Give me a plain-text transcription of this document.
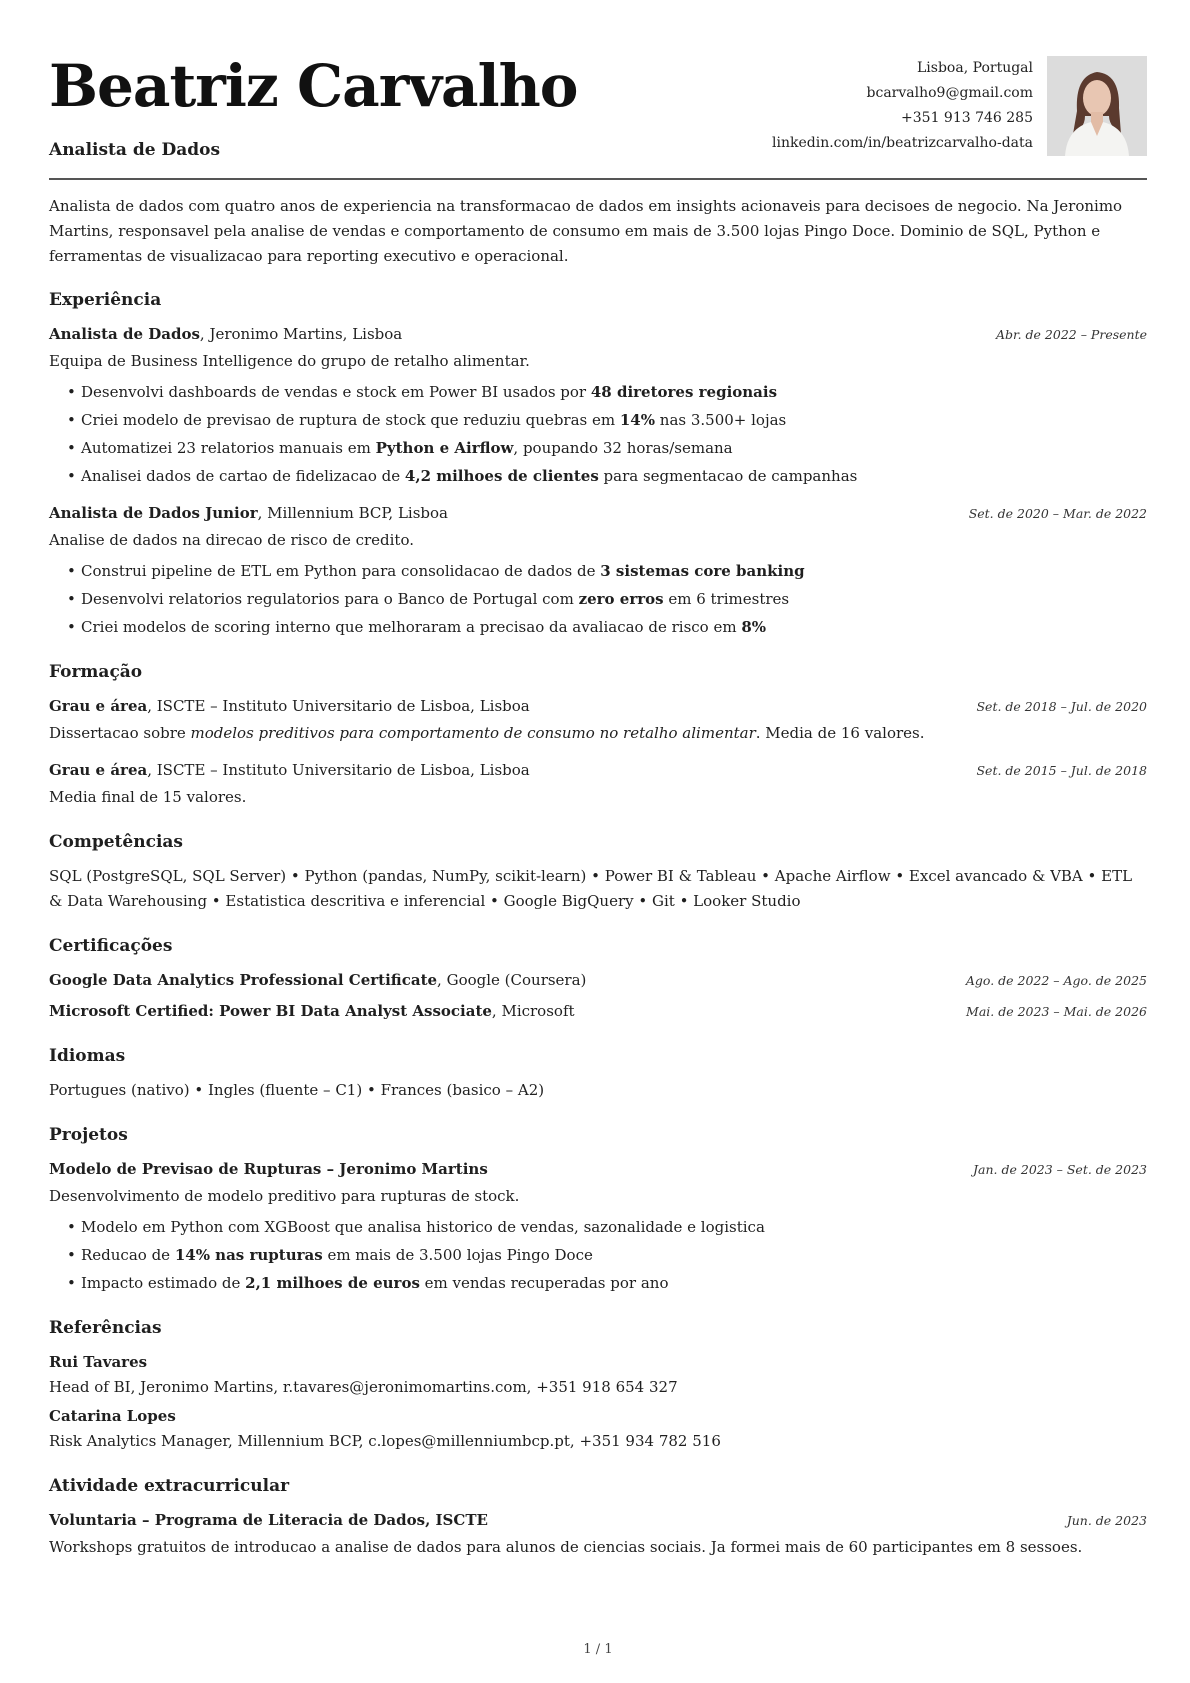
Beatriz Carvalho
Analista de Dados
Lisboa, Portugal
bcarvalho9@gmail.com
+351 913 746 285
linkedin.com/in/beatrizcarvalho-data

Analista de dados com quatro anos de experiencia na transformacao de dados em insights acionaveis para decisoes de negocio. Na Jeronimo Martins, responsavel pela analise de vendas e comportamento de consumo em mais de 3.500 lojas Pingo Doce. Dominio de SQL, Python e ferramentas de visualizacao para reporting executivo e operacional.

Experiência
Analista de Dados, Jeronimo Martins, Lisboa	Abr. de 2022 – Presente
Equipa de Business Intelligence do grupo de retalho alimentar.
• Desenvolvi dashboards de vendas e stock em Power BI usados por 48 diretores regionais
• Criei modelo de previsao de ruptura de stock que reduziu quebras em 14% nas 3.500+ lojas
• Automatizei 23 relatorios manuais em Python e Airflow, poupando 32 horas/semana
• Analisei dados de cartao de fidelizacao de 4,2 milhoes de clientes para segmentacao de campanhas
Analista de Dados Junior, Millennium BCP, Lisboa	Set. de 2020 – Mar. de 2022
Analise de dados na direcao de risco de credito.
• Construi pipeline de ETL em Python para consolidacao de dados de 3 sistemas core banking
• Desenvolvi relatorios regulatorios para o Banco de Portugal com zero erros em 6 trimestres
• Criei modelos de scoring interno que melhoraram a precisao da avaliacao de risco em 8%
Formação
Grau e área, ISCTE – Instituto Universitario de Lisboa, Lisboa	Set. de 2018 – Jul. de 2020
Dissertacao sobre modelos preditivos para comportamento de consumo no retalho alimentar. Media de 16 valores.
Grau e área, ISCTE – Instituto Universitario de Lisboa, Lisboa	Set. de 2015 – Jul. de 2018
Media final de 15 valores.
Competências
SQL (PostgreSQL, SQL Server) • Python (pandas, NumPy, scikit-learn) • Power BI & Tableau • Apache Airflow • Excel avancado & VBA • ETL & Data Warehousing • Estatistica descritiva e inferencial • Google BigQuery • Git • Looker Studio
Certificações
Google Data Analytics Professional Certificate, Google (Coursera)	Ago. de 2022 – Ago. de 2025
Microsoft Certified: Power BI Data Analyst Associate, Microsoft	Mai. de 2023 – Mai. de 2026
Idiomas
Portugues (nativo) • Ingles (fluente – C1) • Frances (basico – A2)
Projetos
Modelo de Previsao de Rupturas – Jeronimo Martins	Jan. de 2023 – Set. de 2023
Desenvolvimento de modelo preditivo para rupturas de stock.
• Modelo em Python com XGBoost que analisa historico de vendas, sazonalidade e logistica
• Reducao de 14% nas rupturas em mais de 3.500 lojas Pingo Doce
• Impacto estimado de 2,1 milhoes de euros em vendas recuperadas por ano
Referências
Rui Tavares
Head of BI, Jeronimo Martins, r.tavares@jeronimomartins.com, +351 918 654 327
Catarina Lopes
Risk Analytics Manager, Millennium BCP, c.lopes@millenniumbcp.pt, +351 934 782 516
Atividade extracurricular
Voluntaria – Programa de Literacia de Dados, ISCTE	Jun. de 2023
Workshops gratuitos de introducao a analise de dados para alunos de ciencias sociais. Ja formei mais de 60 participantes em 8 sessoes.
1 / 1
